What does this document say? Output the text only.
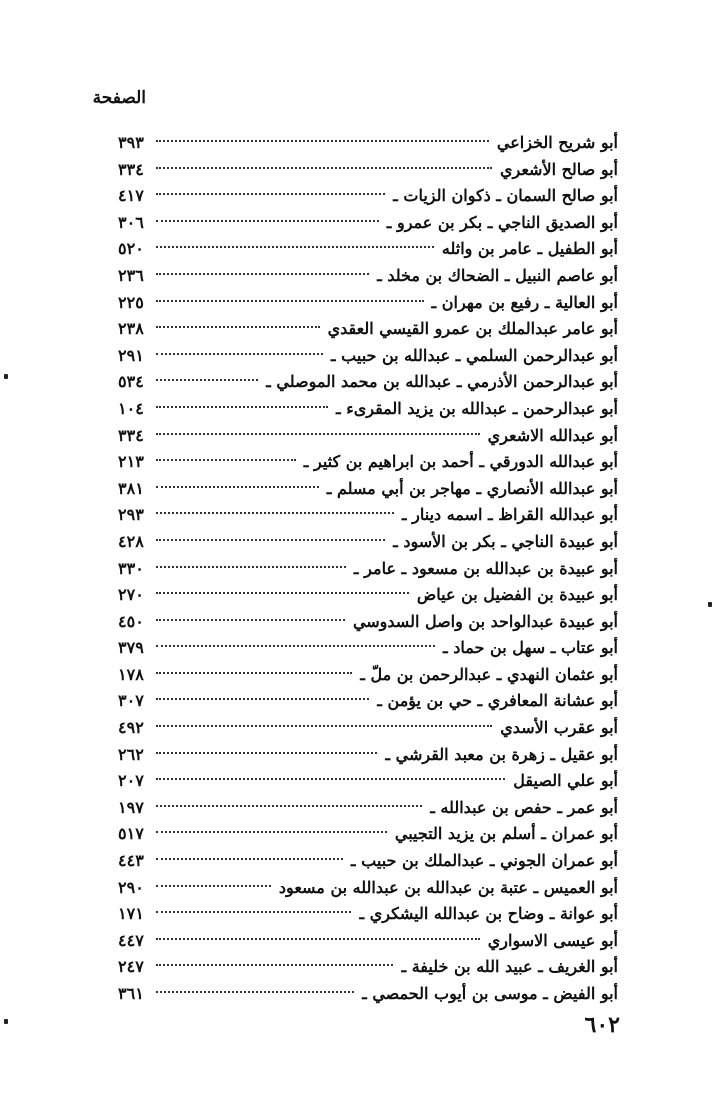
الصفحة
أبو شريح الخزاعي
٣٩٣
أبو صالح الأشعري
٣٣٤
أبو صالح السمان ـ ذكوان الزيات ـ
٤١٧
أبو الصديق الناجي ـ بكر بن عمرو ـ
٣٠٦
أبو الطفيل ـ عامر بن واثله
٥٢٠
أبو عاصم النبيل ـ الضحاك بن مخلد ـ
٢٣٦
أبو العالية ـ رفيع بن مهران ـ
٢٢٥
أبو عامر عبدالملك بن عمرو القيسي العقدي
٢٣٨
أبو عبدالرحمن السلمي ـ عبدالله بن حبيب ـ
٢٩١
أبو عبدالرحمن الأذرمي ـ عبدالله بن محمد الموصلي ـ
٥٣٤
أبو عبدالرحمن ـ عبدالله بن يزيد المقرىء ـ
١٠٤
أبو عبدالله الاشعري
٣٣٤
أبو عبدالله الدورقي ـ أحمد بن ابراهيم بن كثير ـ
٢١٣
أبو عبدالله الأنصاري ـ مهاجر بن أبي مسلم ـ
٣٨١
أبو عبدالله القراظ ـ اسمه دينار ـ
٢٩٣
أبو عبيدة الناجي ـ بكر بن الأسود ـ
٤٢٨
أبو عبيدة بن عبدالله بن مسعود ـ عامر ـ
٣٣٠
أبو عبيدة بن الفضيل بن عياض
٢٧٠
أبو عبيدة عبدالواحد بن واصل السدوسي
٤٥٠
أبو عتاب ـ سهل بن حماد ـ
٣٧٩
أبو عثمان النهدي ـ عبدالرحمن بن ملّ ـ
١٧٨
أبو عشانة المعافري ـ حي بن يؤمن ـ
٣٠٧
أبو عقرب الأسدي
٤٩٢
أبو عقيل ـ زهرة بن معبد القرشي ـ
٢٦٢
أبو علي الصيقل
٢٠٧
أبو عمر ـ حفص بن عبدالله ـ
١٩٧
أبو عمران ـ أسلم بن يزيد التجيبي
٥١٧
أبو عمران الجوني ـ عبدالملك بن حبيب ـ
٤٤٣
أبو العميس ـ عتبة بن عبدالله بن عبدالله بن مسعود
٢٩٠
أبو عوانة ـ وضاح بن عبدالله اليشكري ـ
١٧١
أبو عيسى الاسواري
٤٤٧
أبو الغريف ـ عبيد الله بن خليفة ـ
٢٤٧
أبو الفيض ـ موسى بن أيوب الحمصي ـ
٣٦١
٦٠٢
